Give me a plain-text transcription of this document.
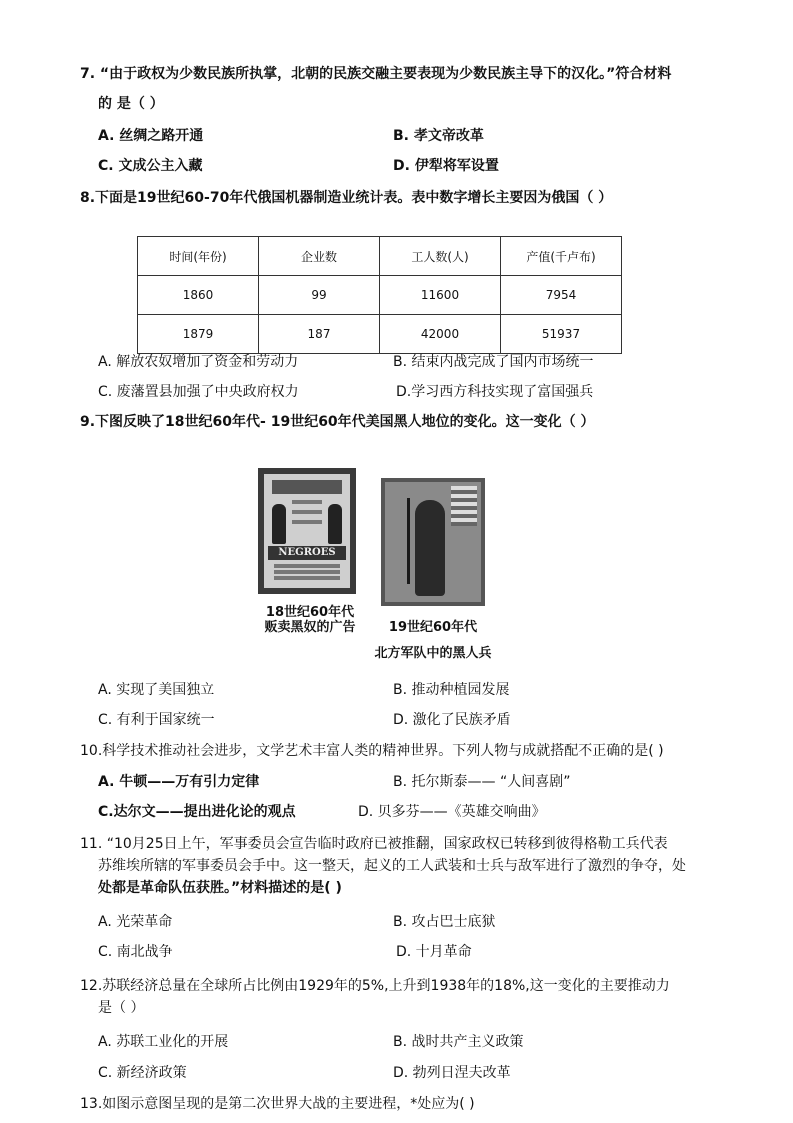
7. “由于政权为少数民族所执掌，北朝的民族交融主要表现为少数民族主导下的汉化。”符合材料
的 是（ ）
A. 丝绸之路开通	B. 孝文帝改革
C. 文成公主入藏	D. 伊犁将军设置
8.下面是19世纪60-70年代俄国机器制造业统计表。表中数字增长主要因为俄国（ ）
时间(年份)	企业数	工人数(人)	产值(千卢布)
1860	99	11600	7954
1879	187	42000	51937
A. 解放农奴增加了资金和劳动力	B. 结束内战完成了国内市场统一
C. 废藩置县加强了中央政府权力	D.学习西方科技实现了富国强兵
9.下图反映了18世纪60年代- 19世纪60年代美国黑人地位的变化。这一变化（ ）
NEGROES
18世纪60年代
贩卖黑奴的广告	19世纪60年代
北方军队中的黑人兵
A. 实现了美国独立	B. 推动种植园发展
C. 有利于国家统一	D. 激化了民族矛盾
10.科学技术推动社会进步，文学艺术丰富人类的精神世界。下列人物与成就搭配不正确的是( )
A. 牛顿——万有引力定律	B. 托尔斯泰—— “人间喜剧”
C.达尔文——提出进化论的观点	D. 贝多芬——《英雄交响曲》
11. “10月25日上午，军事委员会宣告临时政府已被推翻，国家政权已转移到彼得格勒工兵代表
苏维埃所辖的军事委员会手中。这一整天，起义的工人武装和士兵与敌军进行了激烈的争夺，处
处都是革命队伍获胜。”材料描述的是( )
A. 光荣革命	B. 攻占巴士底狱
C. 南北战争	D. 十月革命
12.苏联经济总量在全球所占比例由1929年的5%,上升到1938年的18%,这一变化的主要推动力
是（ ）
A. 苏联工业化的开展	B. 战时共产主义政策
C. 新经济政策	D. 勃列日涅夫改革
13.如图示意图呈现的是第二次世界大战的主要进程，*处应为( )
